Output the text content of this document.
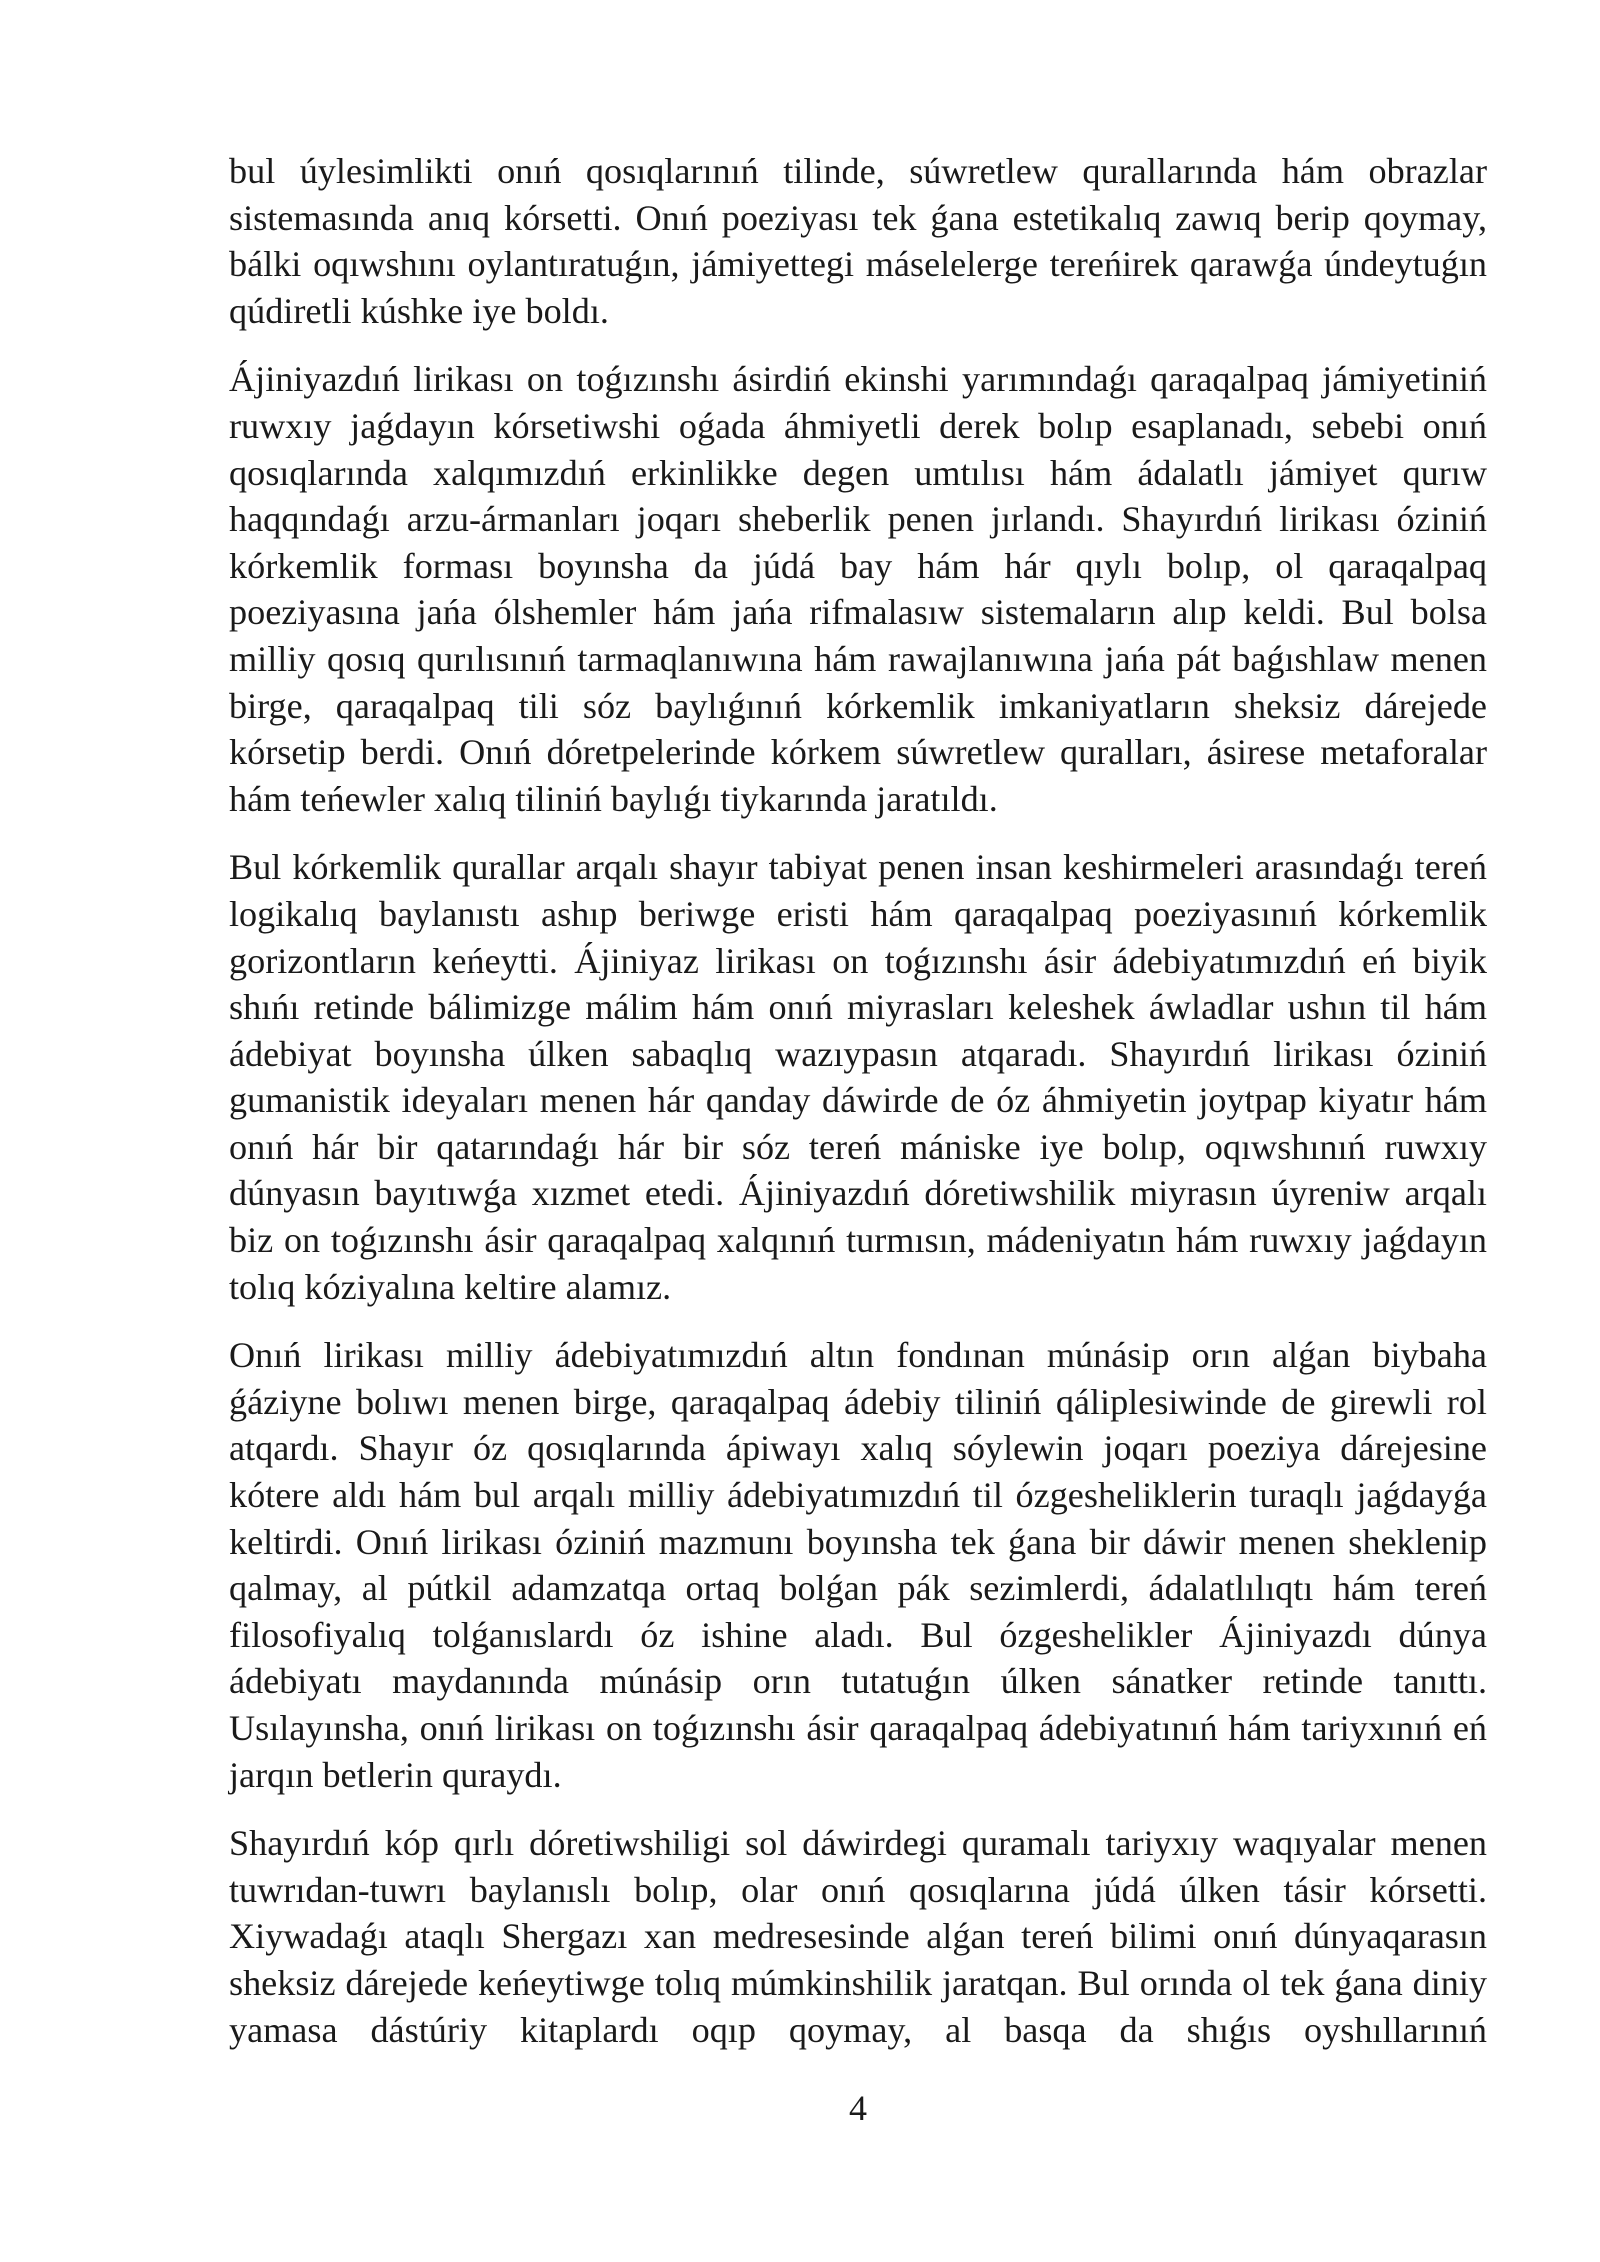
bul úylesimlikti onıń qosıqlarınıń tilinde, súwretlew qurallarında hám obrazlar sistemasında anıq kórsetti. Onıń poeziyası tek ǵana estetikalıq zawıq berip qoymay, bálki oqıwshını oylantıratuǵın, jámiyettegi máselelerge tereńirek qarawǵa úndeytuǵın qúdiretli kúshke iye boldı.

Ájiniyazdıń lirikası on toǵızınshı ásirdiń ekinshi yarımındaǵı qaraqalpaq jámiyetiniń ruwxıy jaǵdayın kórsetiwshi oǵada áhmiyetli derek bolıp esaplanadı, sebebi onıń qosıqlarında xalqımızdıń erkinlikke degen umtılısı hám ádalatlı jámiyet qurıw haqqındaǵı arzu-ármanları joqarı sheberlik penen jırlandı. Shayırdıń lirikası óziniń kórkemlik forması boyınsha da júdá bay hám hár qıylı bolıp, ol qaraqalpaq poeziyasına jańa ólshemler hám jańa rifmalasıw sistemaların alıp keldi. Bul bolsa milliy qosıq qurılısınıń tarmaqlanıwına hám rawajlanıwına jańa pát baǵıshlaw menen birge, qaraqalpaq tili sóz baylıǵınıń kórkemlik imkaniyatların sheksiz dárejede kórsetip berdi. Onıń dóretpelerinde kórkem súwretlew quralları, ásirese metaforalar hám teńewler xalıq tiliniń baylıǵı tiykarında jaratıldı.

Bul kórkemlik qurallar arqalı shayır tabiyat penen insan keshirmeleri arasındaǵı tereń logikalıq baylanıstı ashıp beriwge eristi hám qaraqalpaq poeziyasınıń kórkemlik gorizontların keńeytti. Ájiniyaz lirikası on toǵızınshı ásir ádebiyatımızdıń eń biyik shıńı retinde bálimizge málim hám onıń miyrasları keleshek áwladlar ushın til hám ádebiyat boyınsha úlken sabaqlıq wazıypasın atqaradı. Shayırdıń lirikası óziniń gumanistik ideyaları menen hár qanday dáwirde de óz áhmiyetin joytpap kiyatır hám onıń hár bir qatarındaǵı hár bir sóz tereń mániske iye bolıp, oqıwshınıń ruwxıy dúnyasın bayıtıwǵa xızmet etedi. Ájiniyazdıń dóretiwshilik miyrasın úyreniw arqalı biz on toǵızınshı ásir qaraqalpaq xalqınıń turmısın, mádeniyatın hám ruwxıy jaǵdayın tolıq kóziyalına keltire alamız.

Onıń lirikası milliy ádebiyatımızdıń altın fondınan múnásip orın alǵan biybaha ǵáziyne bolıwı menen birge, qaraqalpaq ádebiy tiliniń qáliplesiwinde de girewli rol atqardı. Shayır óz qosıqlarında ápiwayı xalıq sóylewin joqarı poeziya dárejesine kótere aldı hám bul arqalı milliy ádebiyatımızdıń til ózgesheliklerin turaqlı jaǵdayǵa keltirdi. Onıń lirikası óziniń mazmunı boyınsha tek ǵana bir dáwir menen sheklenip qalmay, al pútkil adamzatqa ortaq bolǵan pák sezimlerdi, ádalatlılıqtı hám tereń filosofiyalıq tolǵanıslardı óz ishine aladı. Bul ózgeshelikler Ájiniyazdı dúnya ádebiyatı maydanında múnásip orın tutatuǵın úlken sánatker retinde tanıttı. Usılayınsha, onıń lirikası on toǵızınshı ásir qaraqalpaq ádebiyatınıń hám tariyxınıń eń jarqın betlerin quraydı.

Shayırdıń kóp qırlı dóretiwshiligi sol dáwirdegi quramalı tariyxıy waqıyalar menen tuwrıdan-tuwrı baylanıslı bolıp, olar onıń qosıqlarına júdá úlken tásir kórsetti. Xiywadaǵı ataqlı Shergazı xan medresesinde alǵan tereń bilimi onıń dúnyaqarasın sheksiz dárejede keńeytiwge tolıq múmkinshilik jaratqan. Bul orında ol tek ǵana diniy yamasa dástúriy kitaplardı oqıp qoymay, al basqa da shıǵıs oyshıllarınıń

4
